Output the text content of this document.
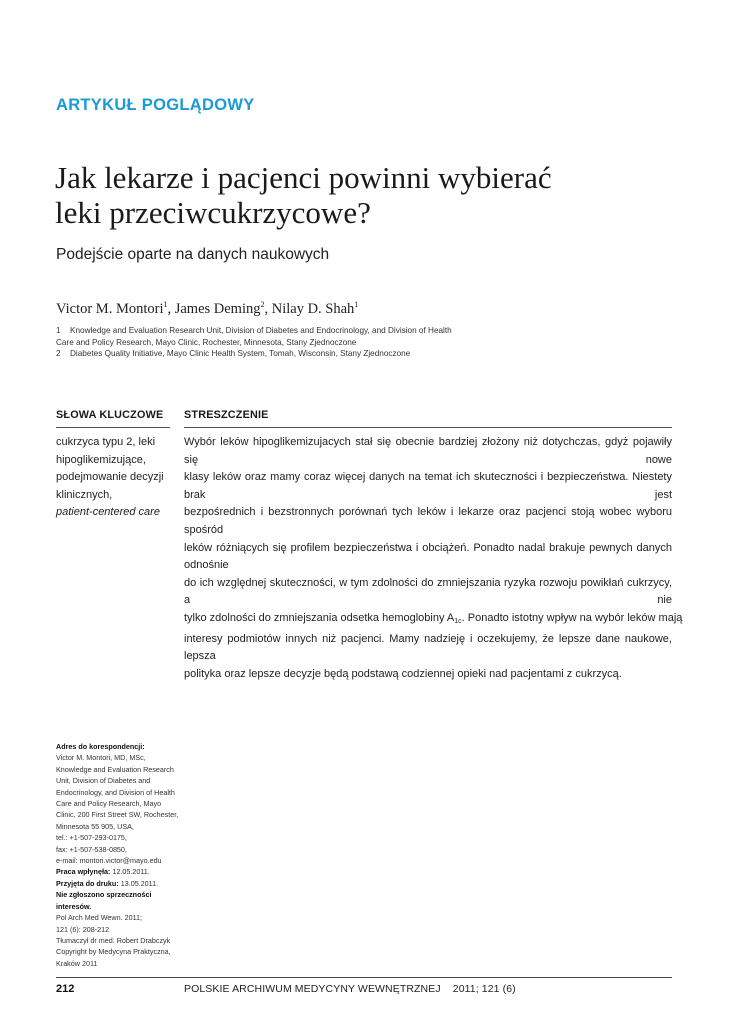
ARTYKUŁ POGLĄDOWY
Jak lekarze i pacjenci powinni wybierać
leki przeciwcukrzycowe?
Podejście oparte na danych naukowych
Victor M. Montori$^1$, James Deming$^2$, Nilay D. Shah$^1$
1 Knowledge and Evaluation Research Unit, Division of Diabetes and Endocrinology, and Division of Health
Care and Policy Research, Mayo Clinic, Rochester, Minnesota, Stany Zjednoczone
2 Diabetes Quality Initiative, Mayo Clinic Health System, Tomah, Wisconsin, Stany Zjednoczone
SŁOWA KLUCZOWE
cukrzyca typu 2, leki
hipoglikemizujące,
podejmowanie decyzji
klinicznych,
patient-centered care
STRESZCZENIE
Wybór leków hipoglikemizujacych stał się obecnie bardziej złożony niż dotychczas, gdyż pojawiły się nowe
klasy leków oraz mamy coraz więcej danych na temat ich skuteczności i bezpieczeństwa. Niestety brak jest
bezpośrednich i bezstronnych porównań tych leków i lekarze oraz pacjenci stoją wobec wyboru spośród
leków różniących się profilem bezpieczeństwa i obciążeń. Ponadto nadal brakuje pewnych danych odnośnie
do ich względnej skuteczności, w tym zdolności do zmniejszania ryzyka rozwoju powikłań cukrzycy, a nie
tylko zdolności do zmniejszania odsetka hemoglobiny $A_{1c}$. Ponadto istotny wpływ na wybór leków mają
interesy podmiotów innych niż pacjenci. Mamy nadzieję i oczekujemy, że lepsze dane naukowe, lepsza
polityka oraz lepsze decyzje będą podstawą codziennej opieki nad pacjentami z cukrzycą.
Adres do korespondencji:
Victor M. Montori, MD, MSc,
Knowledge and Evaluation Research
Unit, Division of Diabetes and
Endocrinology, and Division of Health
Care and Policy Research, Mayo
Clinic, 200 First Street SW, Rochester,
Minnesota 55 905, USA,
tel.: +1-507-293-0175,
fax: +1-507-538-0850,
e-mail: montori.victor@mayo.edu
Praca wpłynęła: 12.05.2011.
Przyjęta do druku: 13.05.2011.
Nie zgłoszono sprzeczności
interesów.
Pol Arch Med Wewn. 2011;
121 (6): 208-212
Tłumaczył dr med. Robert Drabczyk
Copyright by Medycyna Praktyczna,
Kraków 2011
212	POLSKIE ARCHIWUM MEDYCYNY WEWNĘTRZNEJ    2011; 121 (6)
